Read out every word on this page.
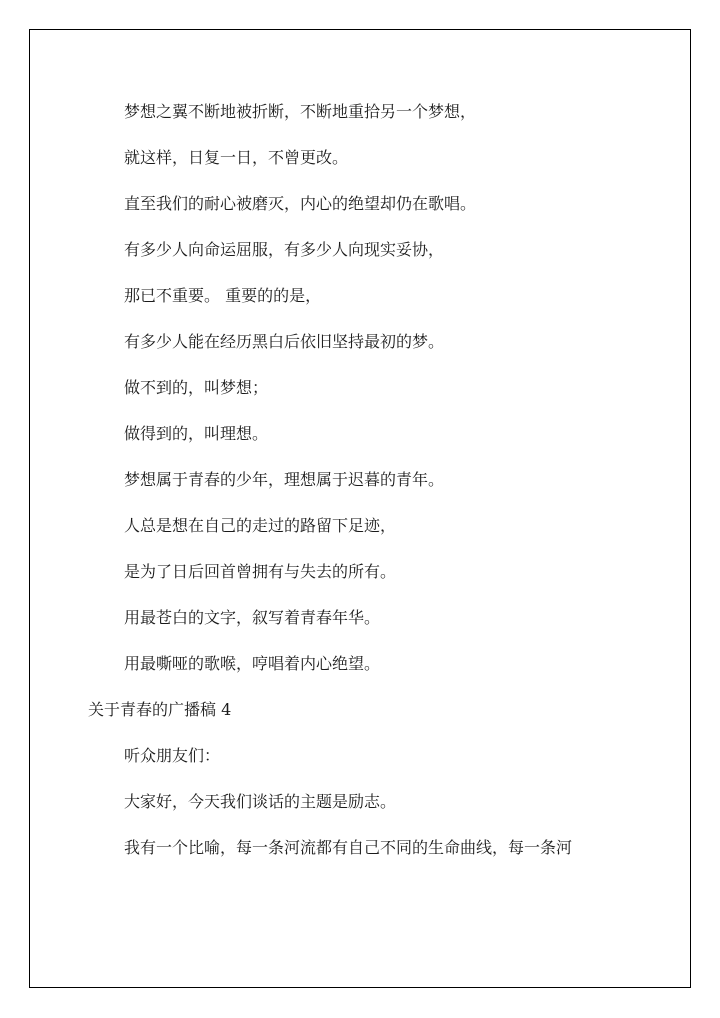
梦想之翼不断地被折断，不断地重拾另一个梦想，

就这样，日复一日，不曾更改。

直至我们的耐心被磨灭，内心的绝望却仍在歌唱。

有多少人向命运屈服，有多少人向现实妥协，

那已不重要。 重要的的是，

有多少人能在经历黑白后依旧坚持最初的梦。

做不到的，叫梦想；

做得到的，叫理想。

梦想属于青春的少年，理想属于迟暮的青年。

人总是想在自己的走过的路留下足迹，

是为了日后回首曾拥有与失去的所有。

用最苍白的文字，叙写着青春年华。

用最嘶哑的歌喉，哼唱着内心绝望。

关于青春的广播稿 4

听众朋友们：

大家好，今天我们谈话的主题是励志。

我有一个比喻，每一条河流都有自己不同的生命曲线，每一条河
